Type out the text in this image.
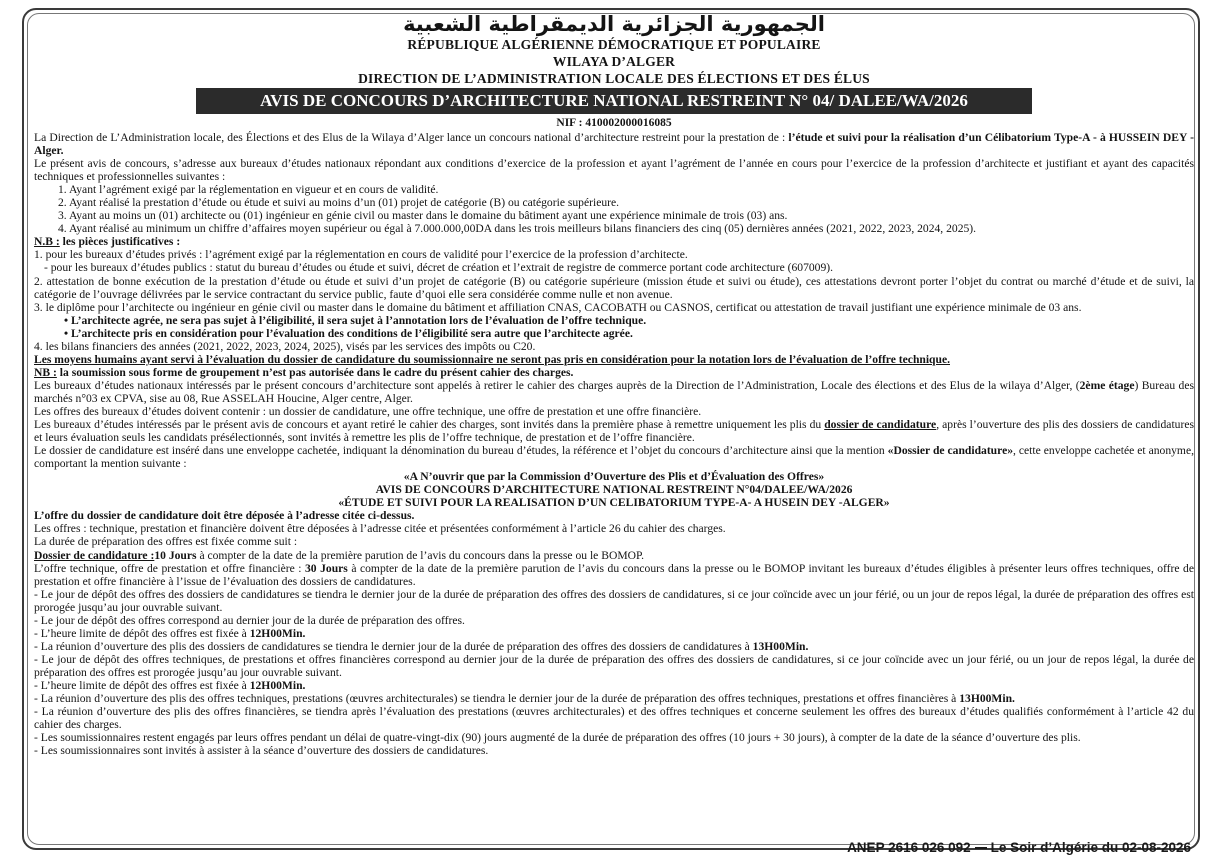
الجمهورية الجزائرية الديمقراطية الشعبية
RÉPUBLIQUE ALGÉRIENNE DÉMOCRATIQUE ET POPULAIRE
WILAYA D’ALGER
DIRECTION DE L’ADMINISTRATION LOCALE DES ÉLECTIONS ET DES ÉLUS
AVIS DE CONCOURS D’ARCHITECTURE NATIONAL RESTREINT N° 04/ DALEE/WA/2026
NIF : 410002000016085

La Direction de L’Administration locale, des Élections et des Elus de la Wilaya d’Alger lance un concours national d’architecture restreint pour la prestation de : l’étude et suivi pour la réalisation d’un Célibatorium Type-A - à HUSSEIN DEY - Alger.

Le présent avis de concours, s’adresse aux bureaux d’études nationaux répondant aux conditions d’exercice de la profession et ayant l’agrément de l’année en cours pour l’exercice de la profession d’architecte et justifiant et ayant des capacités techniques et professionnelles suivantes :

1. Ayant l’agrément exigé par la réglementation en vigueur et en cours de validité.

2. Ayant réalisé la prestation d’étude ou étude et suivi au moins d’un (01) projet de catégorie (B) ou catégorie supérieure.

3. Ayant au moins un (01) architecte ou (01) ingénieur en génie civil ou master dans le domaine du bâtiment ayant une expérience minimale de trois (03) ans.

4. Ayant réalisé au minimum un chiffre d’affaires moyen supérieur ou égal à 7.000.000,00DA dans les trois meilleurs bilans financiers des cinq (05) dernières années (2021, 2022, 2023, 2024, 2025).

N.B : les pièces justificatives :

1. pour les bureaux d’études privés : l’agrément exigé par la réglementation en cours de validité pour l’exercice de la profession d’architecte.

- pour les bureaux d’études publics : statut du bureau d’études ou étude et suivi, décret de création et l’extrait de registre de commerce portant code architecture (607009).

2. attestation de bonne exécution de la prestation d’étude ou étude et suivi d’un projet de catégorie (B) ou catégorie supérieure (mission étude et suivi ou étude), ces attestations devront porter l’objet du contrat ou marché d’étude et de suivi, la catégorie de l’ouvrage délivrées par le service contractant du service public, faute d’quoi elle sera considérée comme nulle et non avenue.

3. le diplôme pour l’architecte ou ingénieur en génie civil ou master dans le domaine du bâtiment et affiliation CNAS, CACOBATH ou CASNOS, certificat ou attestation de travail justifiant une expérience minimale de 03 ans.

• L’architecte agrée, ne sera pas sujet à l’éligibilité, il sera sujet à l’annotation lors de l’évaluation de l’offre technique.

• L’architecte pris en considération pour l’évaluation des conditions de l’éligibilité sera autre que l’architecte agrée.

4. les bilans financiers des années (2021, 2022, 2023, 2024, 2025), visés par les services des impôts ou C20.

Les moyens humains ayant servi à l’évaluation du dossier de candidature du soumissionnaire ne seront pas pris en considération pour la notation lors de l’évaluation de l’offre technique.

NB : la soumission sous forme de groupement n’est pas autorisée dans le cadre du présent cahier des charges.

Les bureaux d’études nationaux intéressés par le présent concours d’architecture sont appelés à retirer le cahier des charges auprès de la Direction de l’Administration, Locale des élections et des Elus de la wilaya d’Alger, (2ème étage) Bureau des marchés n°03 ex CPVA, sise au 08, Rue ASSELAH Houcine, Alger centre, Alger.

Les offres des bureaux d’études doivent contenir : un dossier de candidature, une offre technique, une offre de prestation et une offre financière.

Les bureaux d’études intéressés par le présent avis de concours et ayant retiré le cahier des charges, sont invités dans la première phase à remettre uniquement les plis du dossier de candidature, après l’ouverture des plis des dossiers de candidatures et leurs évaluation seuls les candidats présélectionnés, sont invités à remettre les plis de l’offre technique, de prestation et de l’offre financière.

Le dossier de candidature est inséré dans une enveloppe cachetée, indiquant la dénomination du bureau d’études, la référence et l’objet du concours d’architecture ainsi que la mention «Dossier de candidature», cette enveloppe cachetée et anonyme, comportant la mention suivante :

«A N’ouvrir que par la Commission d’Ouverture des Plis et d’Évaluation des Offres»

AVIS DE CONCOURS D’ARCHITECTURE NATIONAL RESTREINT N°04/DALEE/WA/2026

«ÉTUDE ET SUIVI POUR LA REALISATION D’UN CELIBATORIUM TYPE-A- A HUSEIN DEY -ALGER»

L’offre du dossier de candidature doit être déposée à l’adresse citée ci-dessus.

Les offres : technique, prestation et financière doivent être déposées à l’adresse citée et présentées conformément à l’article 26 du cahier des charges.

La durée de préparation des offres est fixée comme suit :

Dossier de candidature :10 Jours à compter de la date de la première parution de l’avis du concours dans la presse ou le BOMOP.

L’offre technique, offre de prestation et offre financière : 30 Jours à compter de la date de la première parution de l’avis du concours dans la presse ou le BOMOP invitant les bureaux d’études éligibles à présenter leurs offres techniques, offre de prestation et offre financière à l’issue de l’évaluation des dossiers de candidatures.

- Le jour de dépôt des offres des dossiers de candidatures se tiendra le dernier jour de la durée de préparation des offres des dossiers de candidatures, si ce jour coïncide avec un jour férié, ou un jour de repos légal, la durée de préparation des offres est prorogée jusqu’au jour ouvrable suivant.

- Le jour de dépôt des offres correspond au dernier jour de la durée de préparation des offres.

- L’heure limite de dépôt des offres est fixée à 12H00Min.

- La réunion d’ouverture des plis des dossiers de candidatures se tiendra le dernier jour de la durée de préparation des offres des dossiers de candidatures à 13H00Min.

- Le jour de dépôt des offres techniques, de prestations et offres financières correspond au dernier jour de la durée de préparation des offres des dossiers de candidatures, si ce jour coïncide avec un jour férié, ou un jour de repos légal, la durée de préparation des offres est prorogée jusqu’au jour ouvrable suivant.

- L’heure limite de dépôt des offres est fixée à 12H00Min.

- La réunion d’ouverture des plis des offres techniques, prestations (œuvres architecturales) se tiendra le dernier jour de la durée de préparation des offres techniques, prestations et offres financières à 13H00Min.

- La réunion d’ouverture des plis des offres financières, se tiendra après l’évaluation des prestations (œuvres architecturales) et des offres techniques et concerne seulement les offres des bureaux d’études qualifiés conformément à l’article 42 du cahier des charges.

- Les soumissionnaires restent engagés par leurs offres pendant un délai de quatre-vingt-dix (90) jours augmenté de la durée de préparation des offres (10 jours + 30 jours), à compter de la date de la séance d’ouverture des plis.

- Les soumissionnaires sont invités à assister à la séance d’ouverture des dossiers de candidatures.

ANEP 2616 026 092 Le Soir d’Algérie du 02-08-2026
